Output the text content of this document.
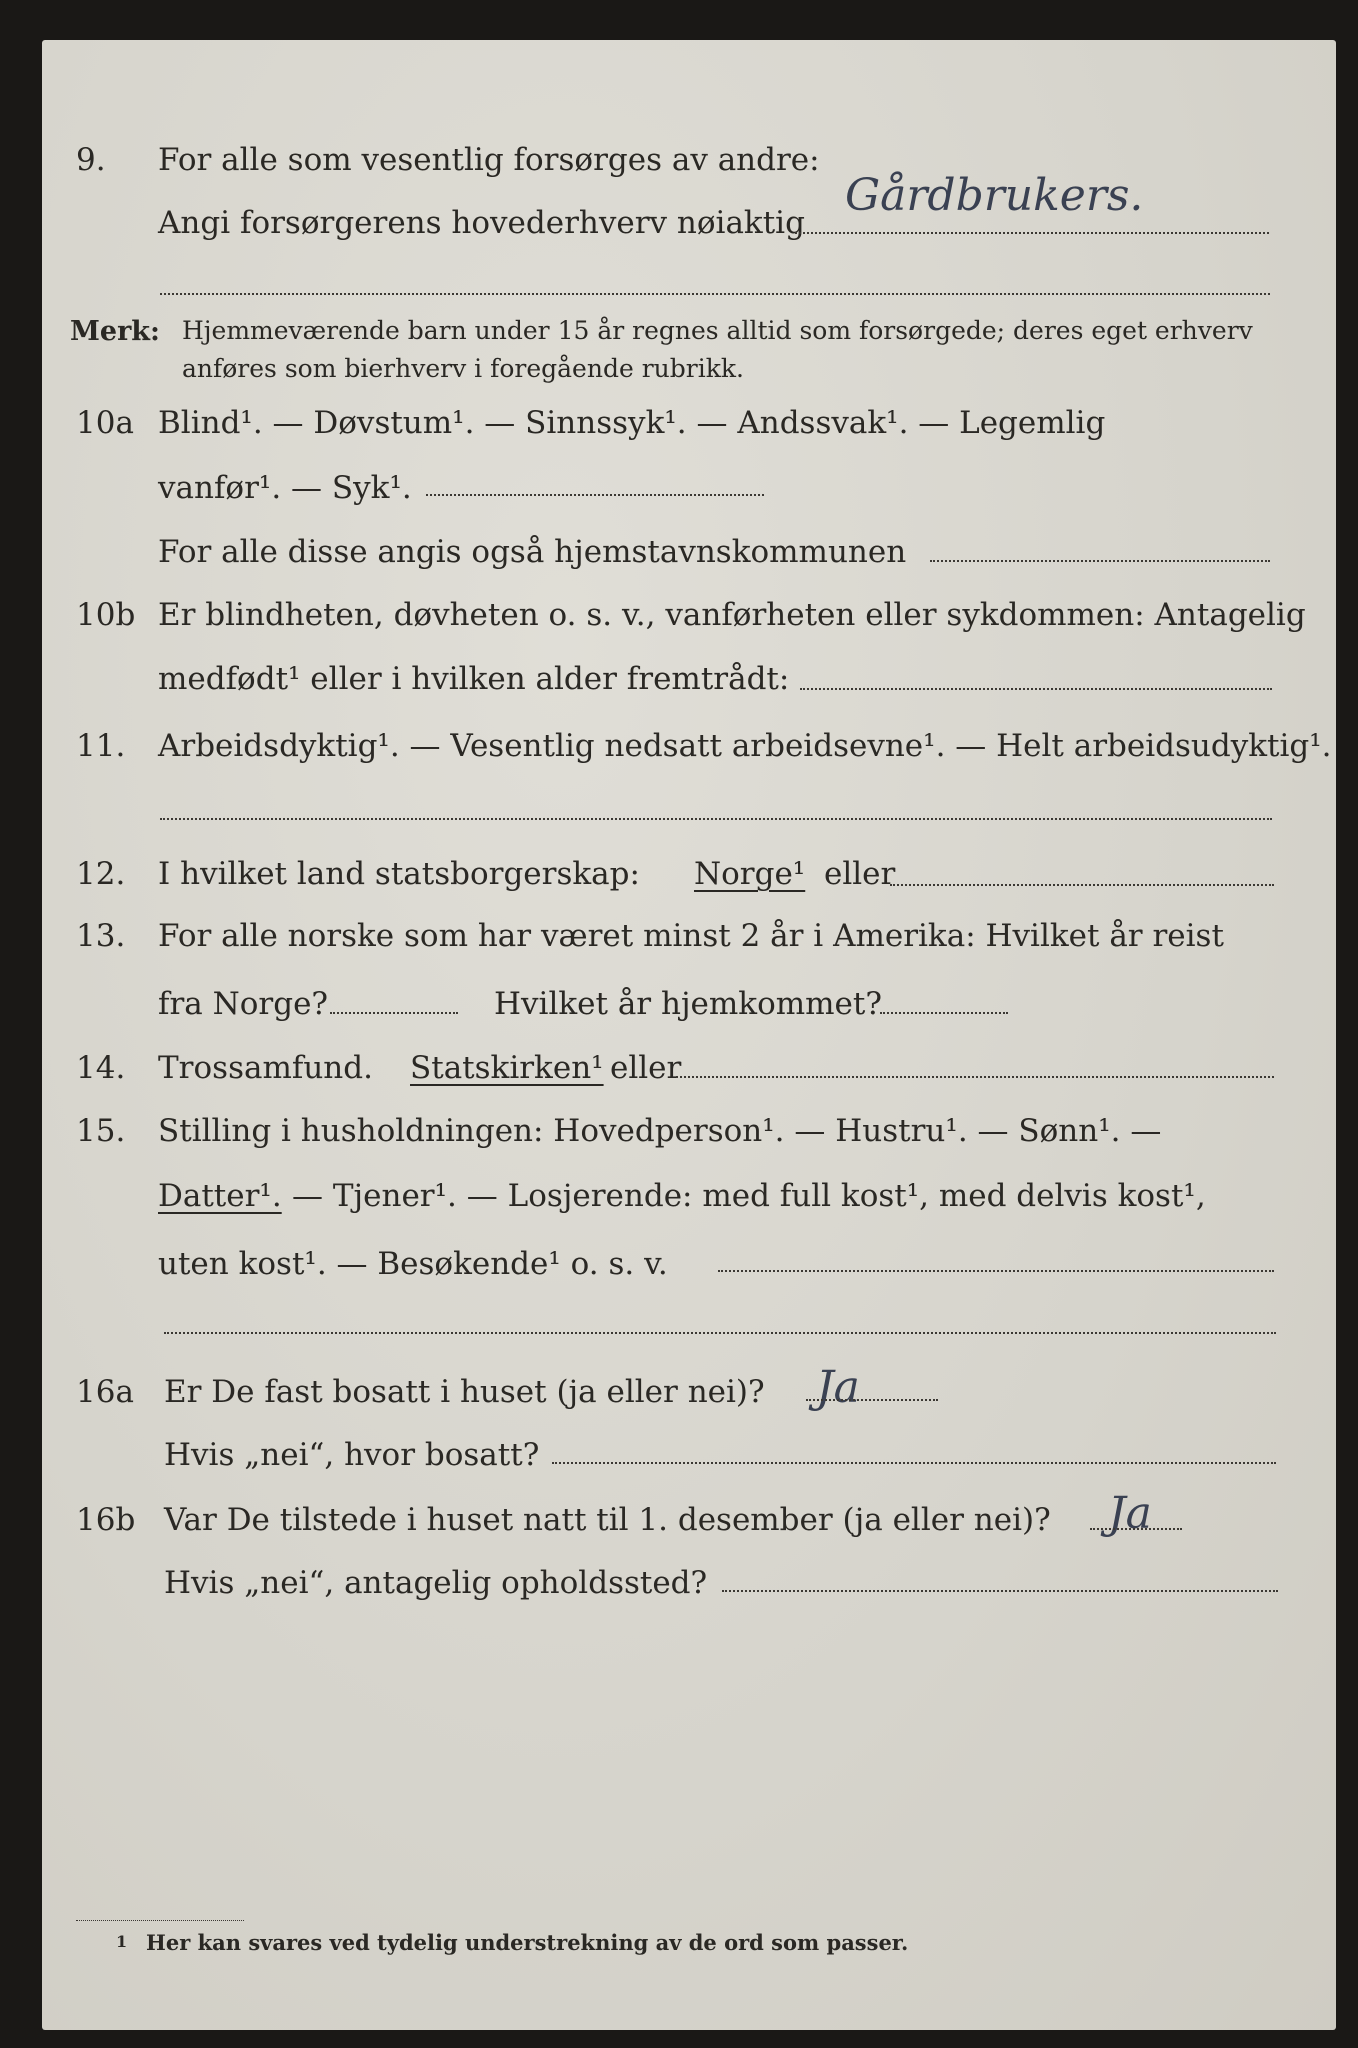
9. For alle som vesentlig forsørges av andre:
Angi forsørgerens hovederhverv nøiaktig
Gårdbrukers.
Merk: Hjemmeværende barn under 15 år regnes alltid som forsørgede; deres eget erhverv
anføres som bierhverv i foregående rubrikk.
10a Blind¹. — Døvstum¹. — Sinnssyk¹. — Andssvak¹. — Legemlig
vanfør¹. — Syk¹.
For alle disse angis også hjemstavnskommunen
10b Er blindheten, døvheten o. s. v., vanførheten eller sykdommen: Antagelig
medfødt¹ eller i hvilken alder fremtrådt:
11. Arbeidsdyktig¹. — Vesentlig nedsatt arbeidsevne¹. — Helt arbeidsudyktig¹.
12. I hvilket land statsborgerskap: Norge¹ eller
13. For alle norske som har været minst 2 år i Amerika: Hvilket år reist
fra Norge?	Hvilket år hjemkommet?
14. Trossamfund. Statskirken¹ eller
15. Stilling i husholdningen: Hovedperson¹. — Hustru¹. — Sønn¹. —
Datter¹. — Tjener¹. — Losjerende: med full kost¹, med delvis kost¹,
uten kost¹. — Besøkende¹ o. s. v.
16a Er De fast bosatt i huset (ja eller nei)? Ja
Hvis „nei“, hvor bosatt?
16b Var De tilstede i huset natt til 1. desember (ja eller nei)? Ja
Hvis „nei“, antagelig opholdssted?
1 Her kan svares ved tydelig understrekning av de ord som passer.
